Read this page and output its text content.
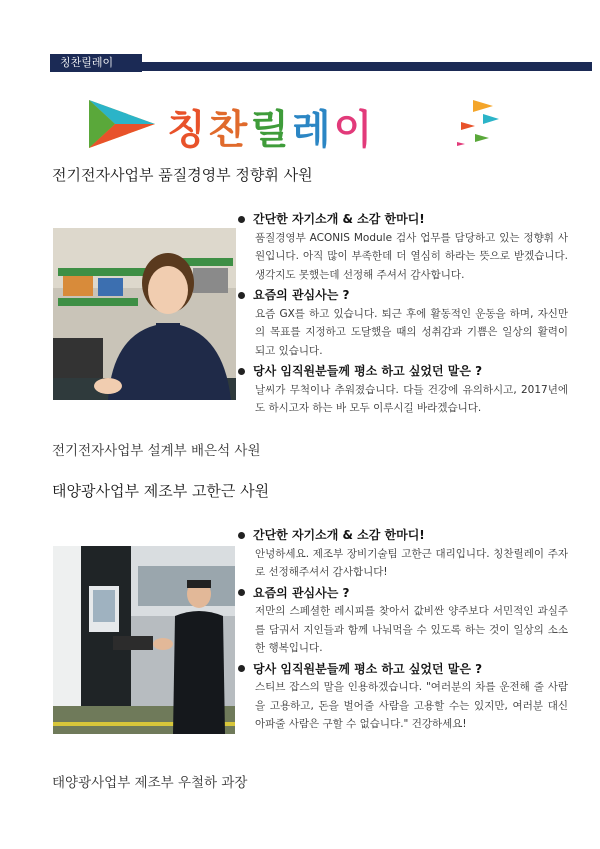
칭찬릴레이
칭찬릴레이
전기전자사업부 품질경영부 정향휘 사원
간단한 자기소개 & 소감 한마디!
품질경영부 ACONIS Module 검사 업무를 담당하고 있는 정향휘 사원입니다. 아직 많이 부족한데 더 열심히 하라는 뜻으로 받겠습니다. 생각지도 못했는데 선정해 주셔서 감사합니다.
요즘의 관심사는 ?
요즘 GX를 하고 있습니다. 퇴근 후에 활동적인 운동을 하며, 자신만의 목표를 지정하고 도달했을 때의 성취감과 기쁨은 일상의 활력이 되고 있습니다.
당사 임직원분들께 평소 하고 싶었던 말은 ?
날씨가 무척이나 추워졌습니다. 다들 건강에 유의하시고, 2017년에도 하시고자 하는 바 모두 이루시길 바라겠습니다.
전기전자사업부 설계부 배은석 사원
태양광사업부 제조부 고한근 사원
간단한 자기소개 & 소감 한마디!
안녕하세요. 제조부 장비기술팀 고한근 대리입니다. 칭찬릴레이 주자로 선정해주셔서 감사합니다!
요즘의 관심사는 ?
저만의 스페셜한 레시피를 찾아서 값비싼 양주보다 서민적인 과실주를 담궈서 지인들과 함께 나눠먹을 수 있도록 하는 것이 일상의 소소한 행복입니다.
당사 임직원분들께 평소 하고 싶었던 말은 ?
스티브 잡스의 말을 인용하겠습니다. "여러분의 차를 운전해 줄 사람을 고용하고, 돈을 벌어줄 사람을 고용할 수는 있지만, 여러분 대신 아파줄 사람은 구할 수 없습니다." 건강하세요!
태양광사업부 제조부 우철하 과장
